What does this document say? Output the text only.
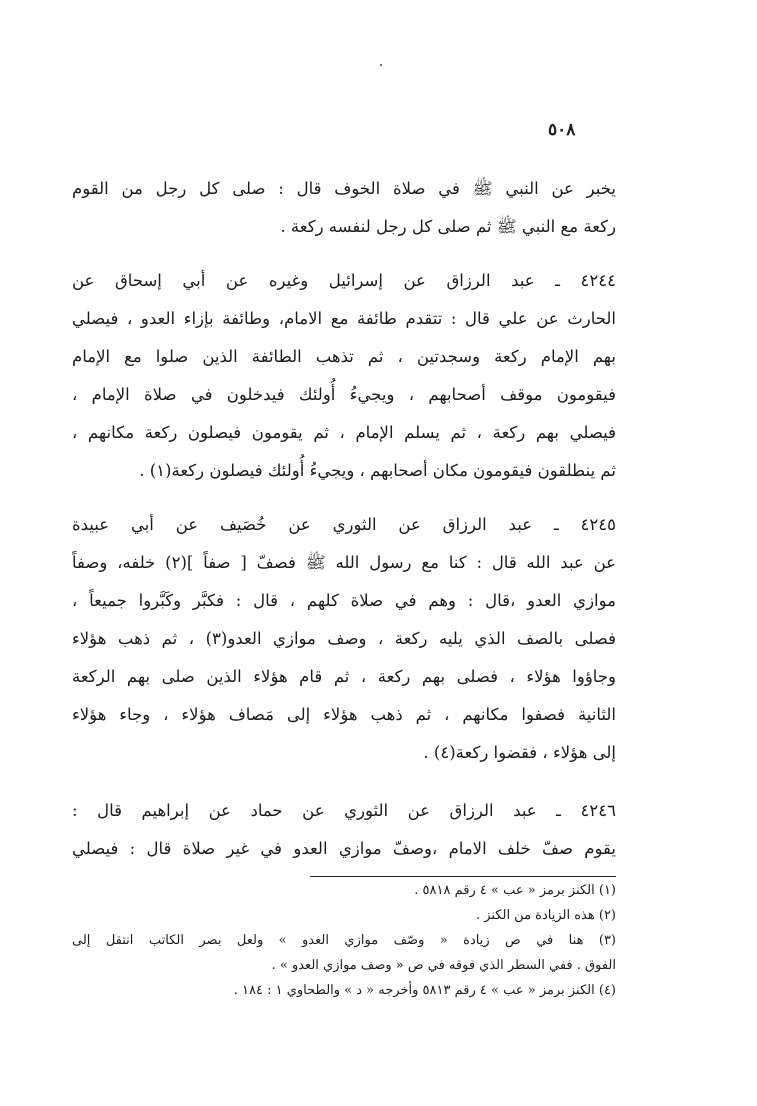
٥٠٨
يخبر عن النبي ﷺ في صلاة الخوف قال : صلى كل رجل من القوم
ركعة مع النبي ﷺ ثم صلى كل رجل لنفسه ركعة .
٤٢٤٤ ـ عبد الرزاق عن إسرائيل وغيره عن أبي إسحاق عن
الحارث عن علي قال : تتقدم طائفة مع الامام، وطائفة بإزاء العدو ، فيصلي
بهم الإمام ركعة وسجدتين ، ثم تذهب الطائفة الذين صلوا مع الإمام
فيقومون موقف أصحابهم ، ويجيءُ أُولئك فيدخلون في صلاة الإمام ،
فيصلي بهم ركعة ، ثم يسلم الإمام ، ثم يقومون فيصلون ركعة مكانهم ،
ثم ينطلقون فيقومون مكان أصحابهم ، ويجيءُ أُولئك فيصلون ركعة(١) .
٤٢٤٥ ـ عبد الرزاق عن الثوري عن خُصَيف عن أبي عبيدة
عن عبد الله قال : كنا مع رسول الله ﷺ فصفّ [ صفاً ](٢) خلفه، وصفاً
موازي العدو ،قال : وهم في صلاة كلهم ، قال : فكبَّر وكَبَّروا جميعاً ،
فصلى بالصف الذي يليه ركعة ، وصف موازي العدو(٣) ، ثم ذهب هؤلاء
وجاؤوا هؤلاء ، فصلى بهم ركعة ، ثم قام هؤلاء الذين صلى بهم الركعة
الثانية فصفوا مكانهم ، ثم ذهب هؤلاء إلى مَصاف هؤلاء ، وجاء هؤلاء
إلى هؤلاء ، فقضوا ركعة(٤) .
٤٢٤٦ ـ عبد الرزاق عن الثوري عن حماد عن إبراهيم قال :
يقوم صفّ خلف الامام ،وصفّ موازي العدو في غير صلاة قال : فيصلي
(١) الكنز برمز « عب » ٤ رقم ٥٨١٨ .
(٢) هذه الزيادة من الكنز .
(٣) هنا في ص زيادة « وصّف موازي العدو » ولعل بصر الكاتب انتقل إلى
الفوق . ففي السطر الذي فوقه في ص « وصف موازي العدو » .
(٤) الكنز برمز « عب » ٤ رقم ٥٨١٣ وأخرجه « د » والطحاوي ١ : ١٨٤ .
